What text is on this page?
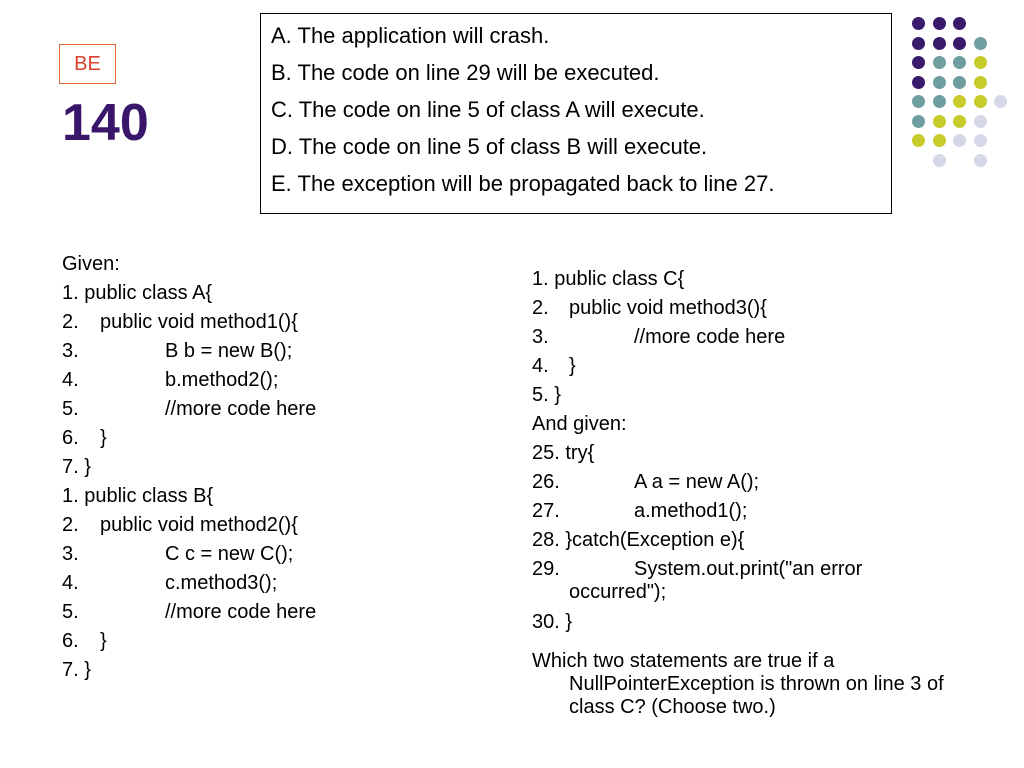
BE
140
A. The application will crash.
B. The code on line 29 will be executed.
C. The code on line 5 of class A will execute.
D. The code on line 5 of class B will execute.
E. The exception will be propagated back to line 27.
Given:
1. public class A{
2. public void method1(){
3.	B b = new B();
4.	b.method2();
5.	//more code here
6. }
7. }
1. public class B{
2. public void method2(){
3.	C c = new C();
4.	c.method3();
5.	//more code here
6. }
7. }
1. public class C{
2. public void method3(){
3.	//more code here
4. }
5. }
And given:
25. try{
26.	A a = new A();
27.	a.method1();
28. }catch(Exception e){
29.	System.out.print("an error
occurred");
30. }
Which two statements are true if a NullPointerException is thrown on line 3 of class C? (Choose two.)
